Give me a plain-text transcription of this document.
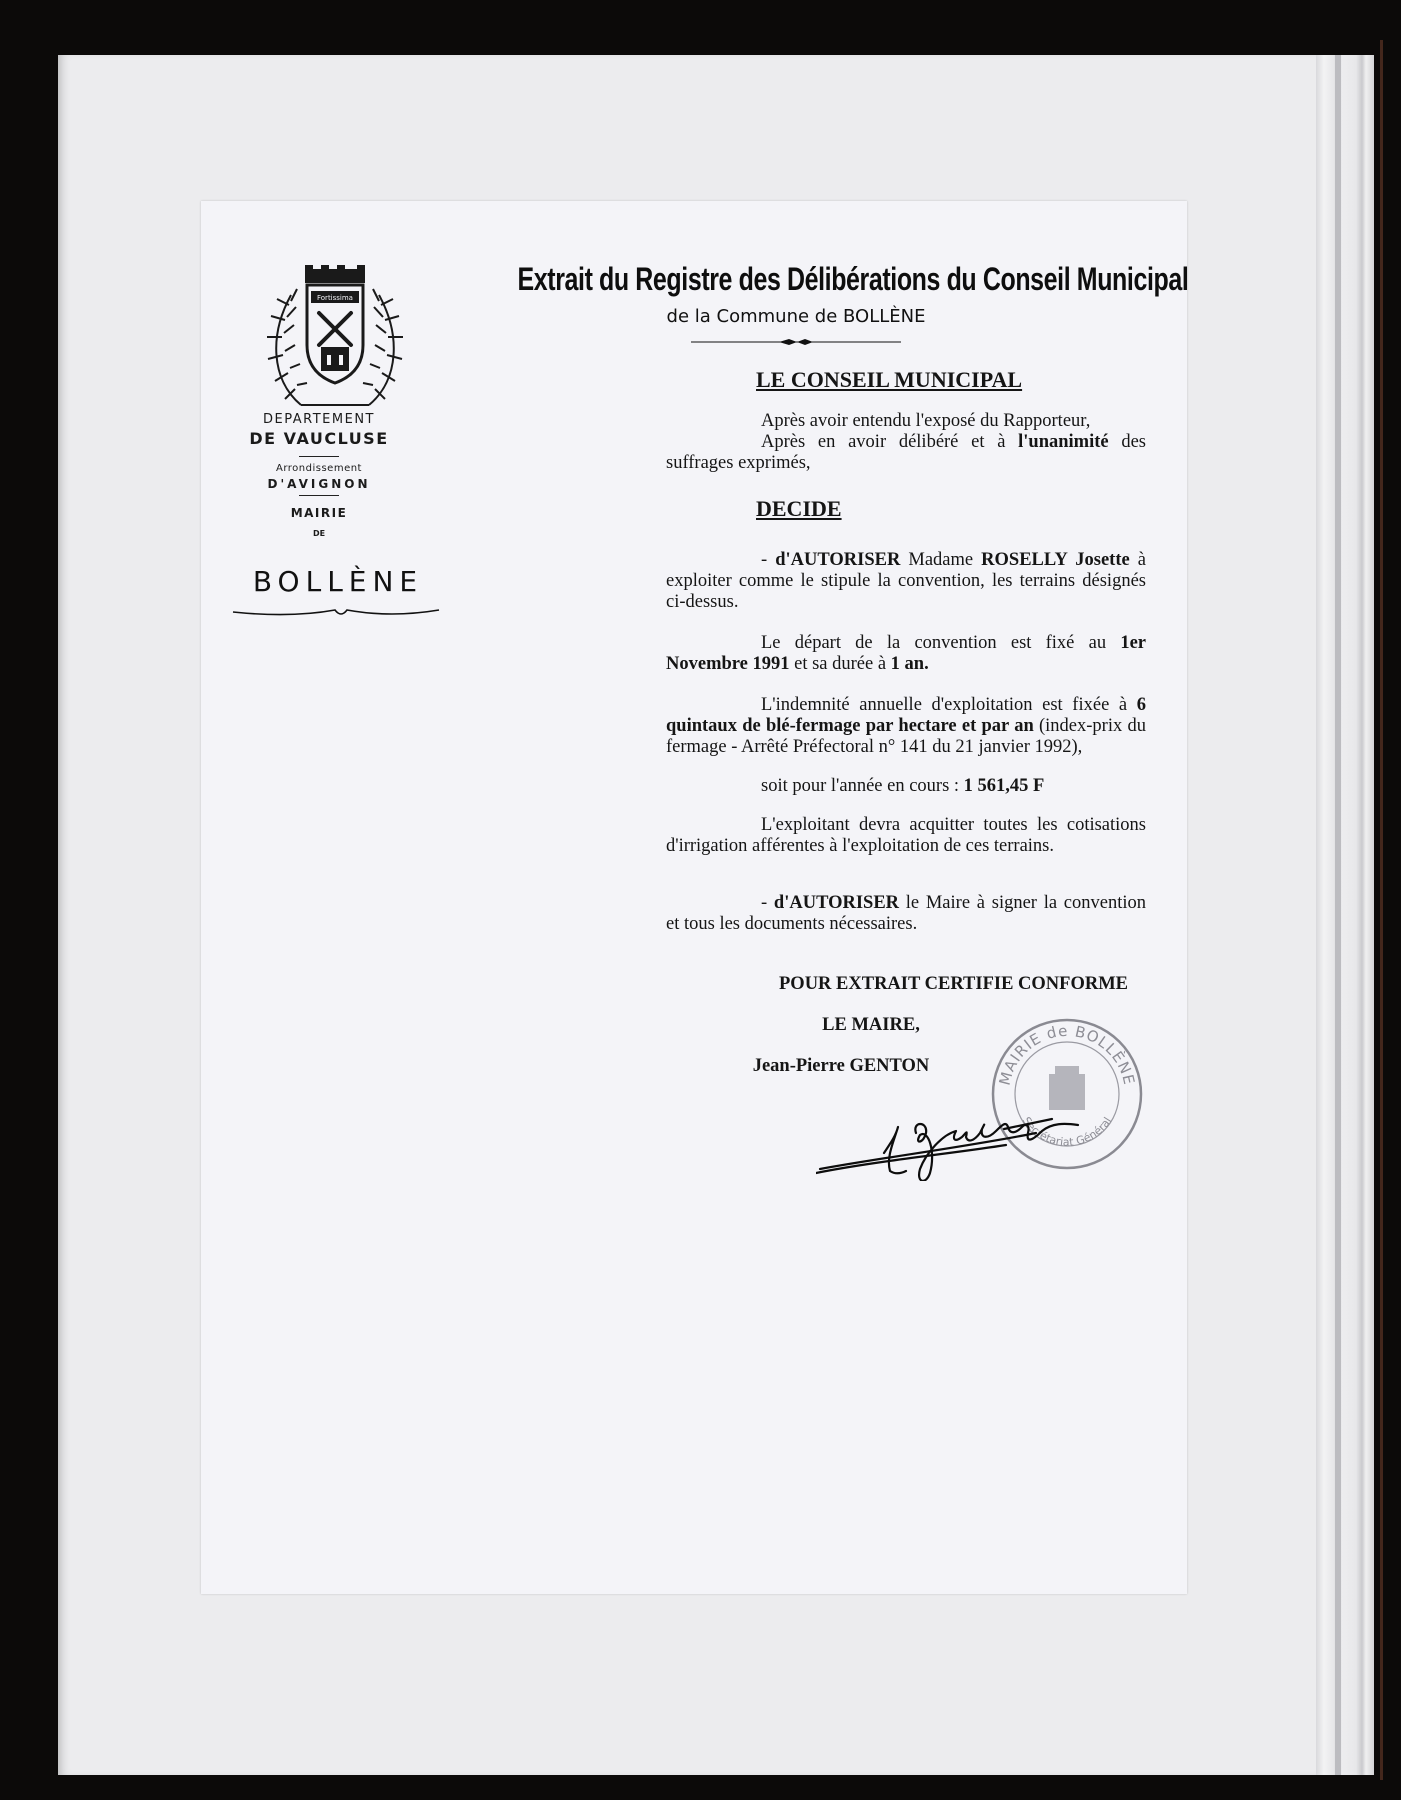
Fortissima
DEPARTEMENT
DE VAUCLUSE
Arrondissement
D'AVIGNON
MAIRIE
DE
BOLLÈNE
Extrait du Registre des Délibérations du Conseil Municipal
de la Commune de BOLLÈNE
LE CONSEIL MUNICIPAL
Après avoir entendu l'exposé du Rapporteur,
Après en avoir délibéré et à l'unanimité des suffrages exprimés,
DECIDE
- d'AUTORISER Madame ROSELLY Josette à exploiter comme le stipule la convention, les terrains désignés ci-dessus.
Le départ de la convention est fixé au 1er Novembre 1991 et sa durée à 1 an.
L'indemnité annuelle d'exploitation est fixée à 6 quintaux de blé-fermage par hectare et par an (index-prix du fermage - Arrêté Préfectoral n° 141 du 21 janvier 1992),
soit pour l'année en cours : 1 561,45 F
L'exploitant devra acquitter toutes les cotisations d'irrigation afférentes à l'exploitation de ces terrains.
- d'AUTORISER le Maire à signer la convention et tous les documents nécessaires.
POUR EXTRAIT CERTIFIE CONFORME
LE MAIRE,
MAIRIE de BOLLÈNE
Secrétariat Général
Jean-Pierre GENTON
